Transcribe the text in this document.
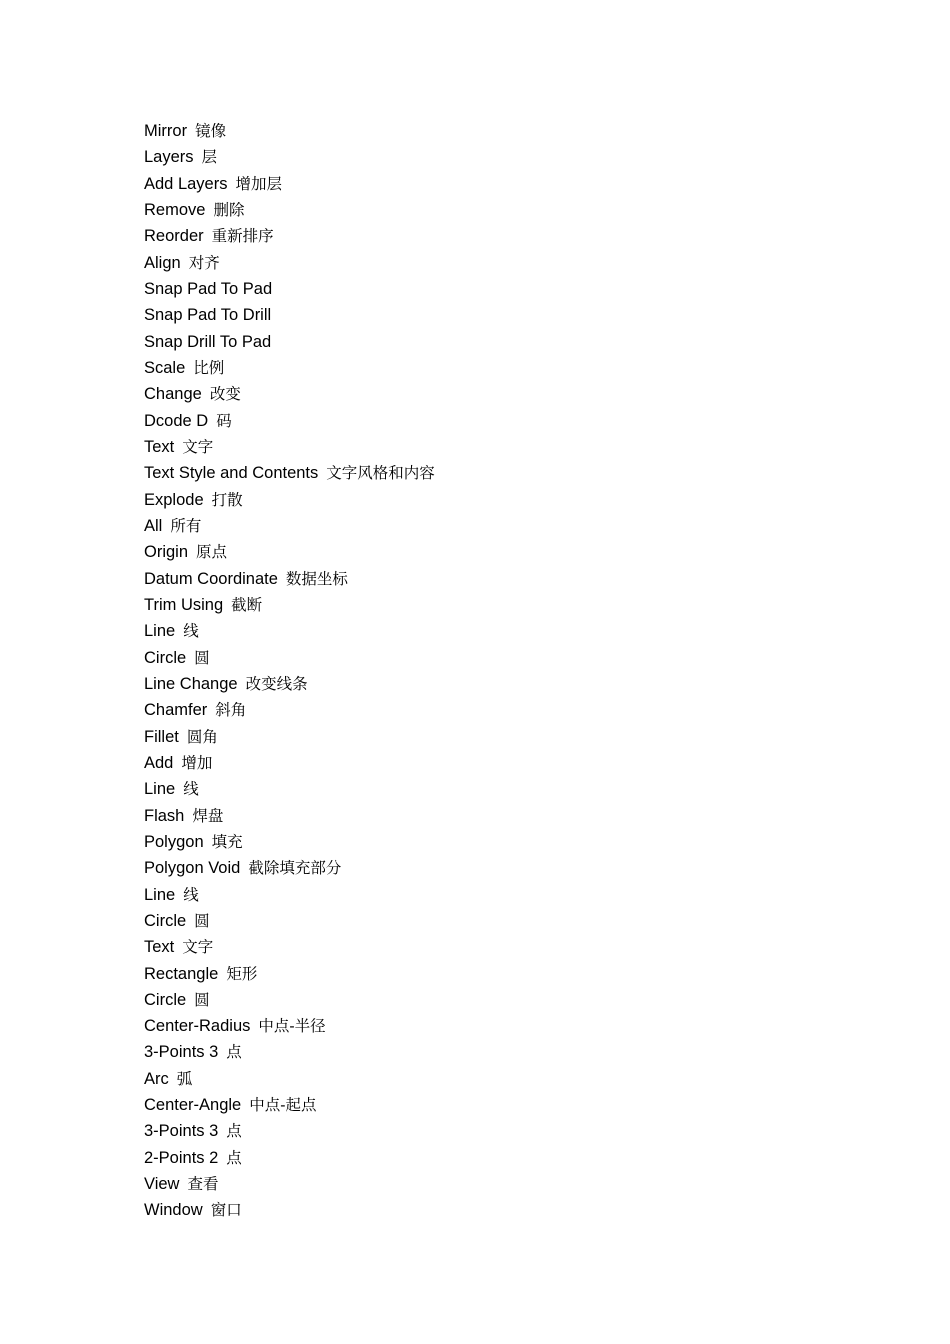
Mirror 镜像
Layers 层
Add Layers 增加层
Remove 删除
Reorder 重新排序
Align 对齐
Snap Pad To Pad
Snap Pad To Drill
Snap Drill To Pad
Scale 比例
Change 改变
Dcode D 码
Text 文字
Text Style and Contents 文字风格和内容
Explode 打散
All 所有
Origin 原点
Datum Coordinate 数据坐标
Trim Using 截断
Line 线
Circle 圆
Line Change 改变线条
Chamfer 斜角
Fillet 圆角
Add 增加
Line 线
Flash 焊盘
Polygon 填充
Polygon Void 截除填充部分
Line 线
Circle 圆
Text 文字
Rectangle 矩形
Circle 圆
Center-Radius 中点-半径
3-Points 3 点
Arc 弧
Center-Angle 中点-起点
3-Points 3 点
2-Points 2 点
View 查看
Window 窗口
